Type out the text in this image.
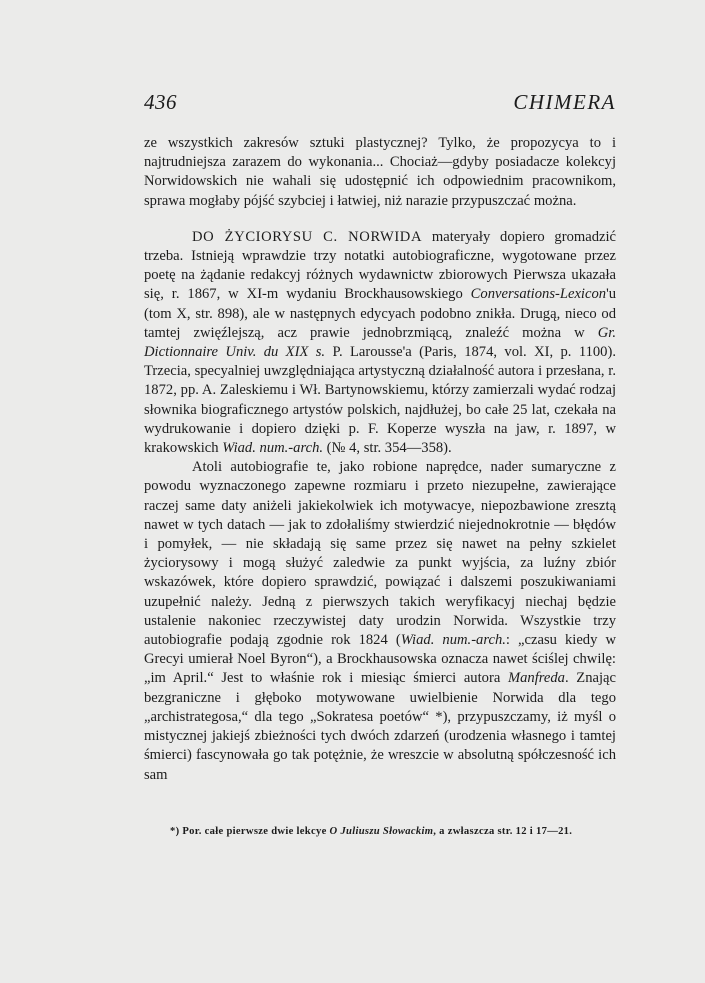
436	CHIMERA

ze wszystkich zakresów sztuki plastycznej? Tylko, że propozycya to i najtrudniejsza zarazem do wykonania... Chociaż—gdyby posiadacze kolekcyj Norwidowskich nie wahali się udostępnić ich odpowiednim pracownikom, sprawa mogłaby pójść szybciej i łatwiej, niż narazie przypuszczać można.

DO ŻYCIORYSU C. NORWIDA materyały dopiero gromadzić trzeba. Istnieją wprawdzie trzy notatki autobiograficzne, wygotowane przez poetę na żądanie redakcyj różnych wydawnictw zbiorowych Pierwsza ukazała się, r. 1867, w XI-m wydaniu Brockhausowskiego Conversations-Lexicon'u (tom X, str. 898), ale w następnych edycyach podobno znikła. Drugą, nieco od tamtej zwięźlejszą, acz prawie jednobrzmiącą, znaleźć można w Gr. Dictionnaire Univ. du XIX s. P. Larousse'a (Paris, 1874, vol. XI, p. 1100). Trzecia, specyalniej uwzględniająca artystyczną działalność autora i przesłana, r. 1872, pp. A. Zaleskiemu i Wł. Bartynowskiemu, którzy zamierzali wydać rodzaj słownika biograficznego artystów polskich, najdłużej, bo całe 25 lat, czekała na wydrukowanie i dopiero dzięki p. F. Koperze wyszła na jaw, r. 1897, w krakowskich Wiad. num.-arch. (№ 4, str. 354—358).

Atoli autobiografie te, jako robione naprędce, nader sumaryczne z powodu wyznaczonego zapewne rozmiaru i przeto niezupełne, zawierające raczej same daty aniżeli jakiekolwiek ich motywacye, niepozbawione zresztą nawet w tych datach — jak to zdołaliśmy stwierdzić niejednokrotnie — błędów i pomyłek, — nie składają się same przez się nawet na pełny szkielet życiorysowy i mogą służyć zaledwie za punkt wyjścia, za luźny zbiór wskazówek, które dopiero sprawdzić, powiązać i dalszemi poszukiwaniami uzupełnić należy. Jedną z pierwszych takich weryfikacyj niechaj będzie ustalenie nakoniec rzeczywistej daty urodzin Norwida. Wszystkie trzy autobiografie podają zgodnie rok 1824 (Wiad. num.-arch.: „czasu kiedy w Grecyi umierał Noel Byron“), a Brockhausowska oznacza nawet ściślej chwilę: „im April.“ Jest to właśnie rok i miesiąc śmierci autora Manfreda. Znając bezgraniczne i głęboko motywowane uwielbienie Norwida dla tego „archistrategosa,“ dla tego „Sokratesa poetów“ *), przypuszczamy, iż myśl o mistycznej jakiejś zbieżności tych dwóch zdarzeń (urodzenia własnego i tamtej śmierci) fascynowała go tak potężnie, że wreszcie w absolutną spółczesność ich sam

*) Por. całe pierwsze dwie lekcye O Juliuszu Słowackim, a zwłaszcza str. 12 i 17—21.
